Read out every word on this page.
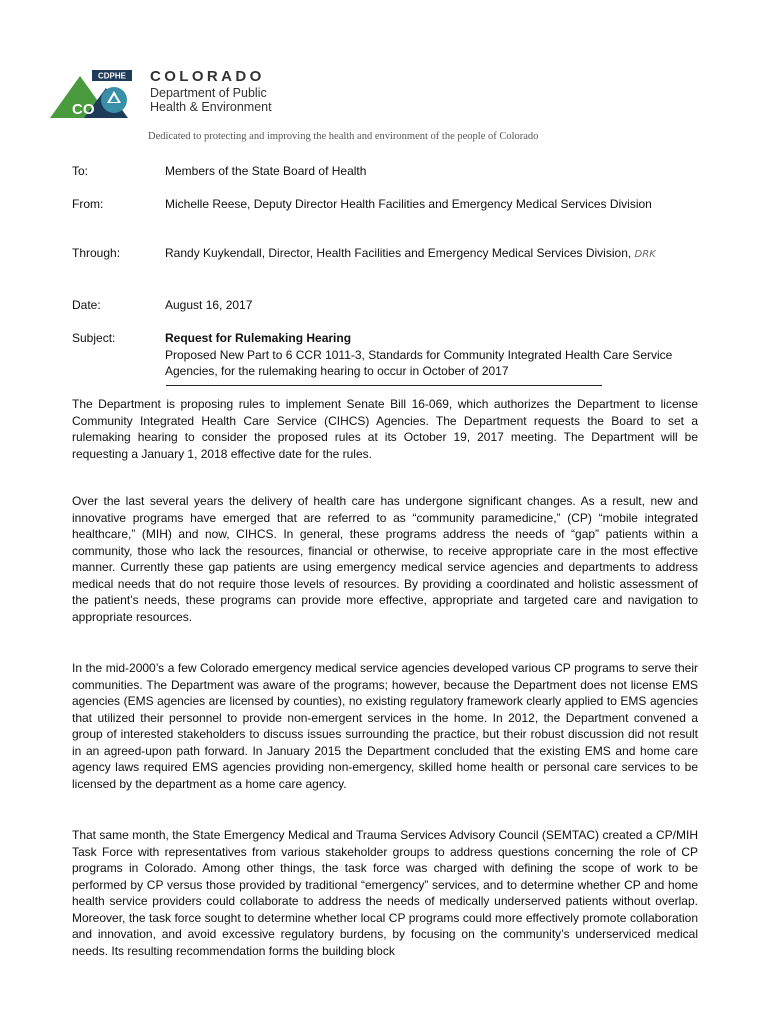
CDPHE
CO
COLORADO
Department of Public
Health & Environment
Dedicated to protecting and improving the health and environment of the people of Colorado
To:	Members of the State Board of Health
From:	Michelle Reese, Deputy Director Health Facilities and Emergency Medical Services Division
Through:	Randy Kuykendall, Director, Health Facilities and Emergency Medical Services Division, DRK
Date:	August 16, 2017
Subject:	Request for Rulemaking Hearing
Proposed New Part to 6 CCR 1011-3, Standards for Community Integrated Health Care Service Agencies, for the rulemaking hearing to occur in October of 2017
The Department is proposing rules to implement Senate Bill 16-069, which authorizes the Department to license Community Integrated Health Care Service (CIHCS) Agencies. The Department requests the Board to set a rulemaking hearing to consider the proposed rules at its October 19, 2017 meeting. The Department will be requesting a January 1, 2018 effective date for the rules.
Over the last several years the delivery of health care has undergone significant changes. As a result, new and innovative programs have emerged that are referred to as “community paramedicine,” (CP) “mobile integrated healthcare,” (MIH) and now, CIHCS. In general, these programs address the needs of “gap” patients within a community, those who lack the resources, financial or otherwise, to receive appropriate care in the most effective manner. Currently these gap patients are using emergency medical service agencies and departments to address medical needs that do not require those levels of resources. By providing a coordinated and holistic assessment of the patient’s needs, these programs can provide more effective, appropriate and targeted care and navigation to appropriate resources.
In the mid-2000’s a few Colorado emergency medical service agencies developed various CP programs to serve their communities. The Department was aware of the programs; however, because the Department does not license EMS agencies (EMS agencies are licensed by counties), no existing regulatory framework clearly applied to EMS agencies that utilized their personnel to provide non-emergent services in the home. In 2012, the Department convened a group of interested stakeholders to discuss issues surrounding the practice, but their robust discussion did not result in an agreed-upon path forward. In January 2015 the Department concluded that the existing EMS and home care agency laws required EMS agencies providing non-emergency, skilled home health or personal care services to be licensed by the department as a home care agency.
That same month, the State Emergency Medical and Trauma Services Advisory Council (SEMTAC) created a CP/MIH Task Force with representatives from various stakeholder groups to address questions concerning the role of CP programs in Colorado. Among other things, the task force was charged with defining the scope of work to be performed by CP versus those provided by traditional “emergency” services, and to determine whether CP and home health service providers could collaborate to address the needs of medically underserved patients without overlap. Moreover, the task force sought to determine whether local CP programs could more effectively promote collaboration and innovation, and avoid excessive regulatory burdens, by focusing on the community’s underserviced medical needs. Its resulting recommendation forms the building block
